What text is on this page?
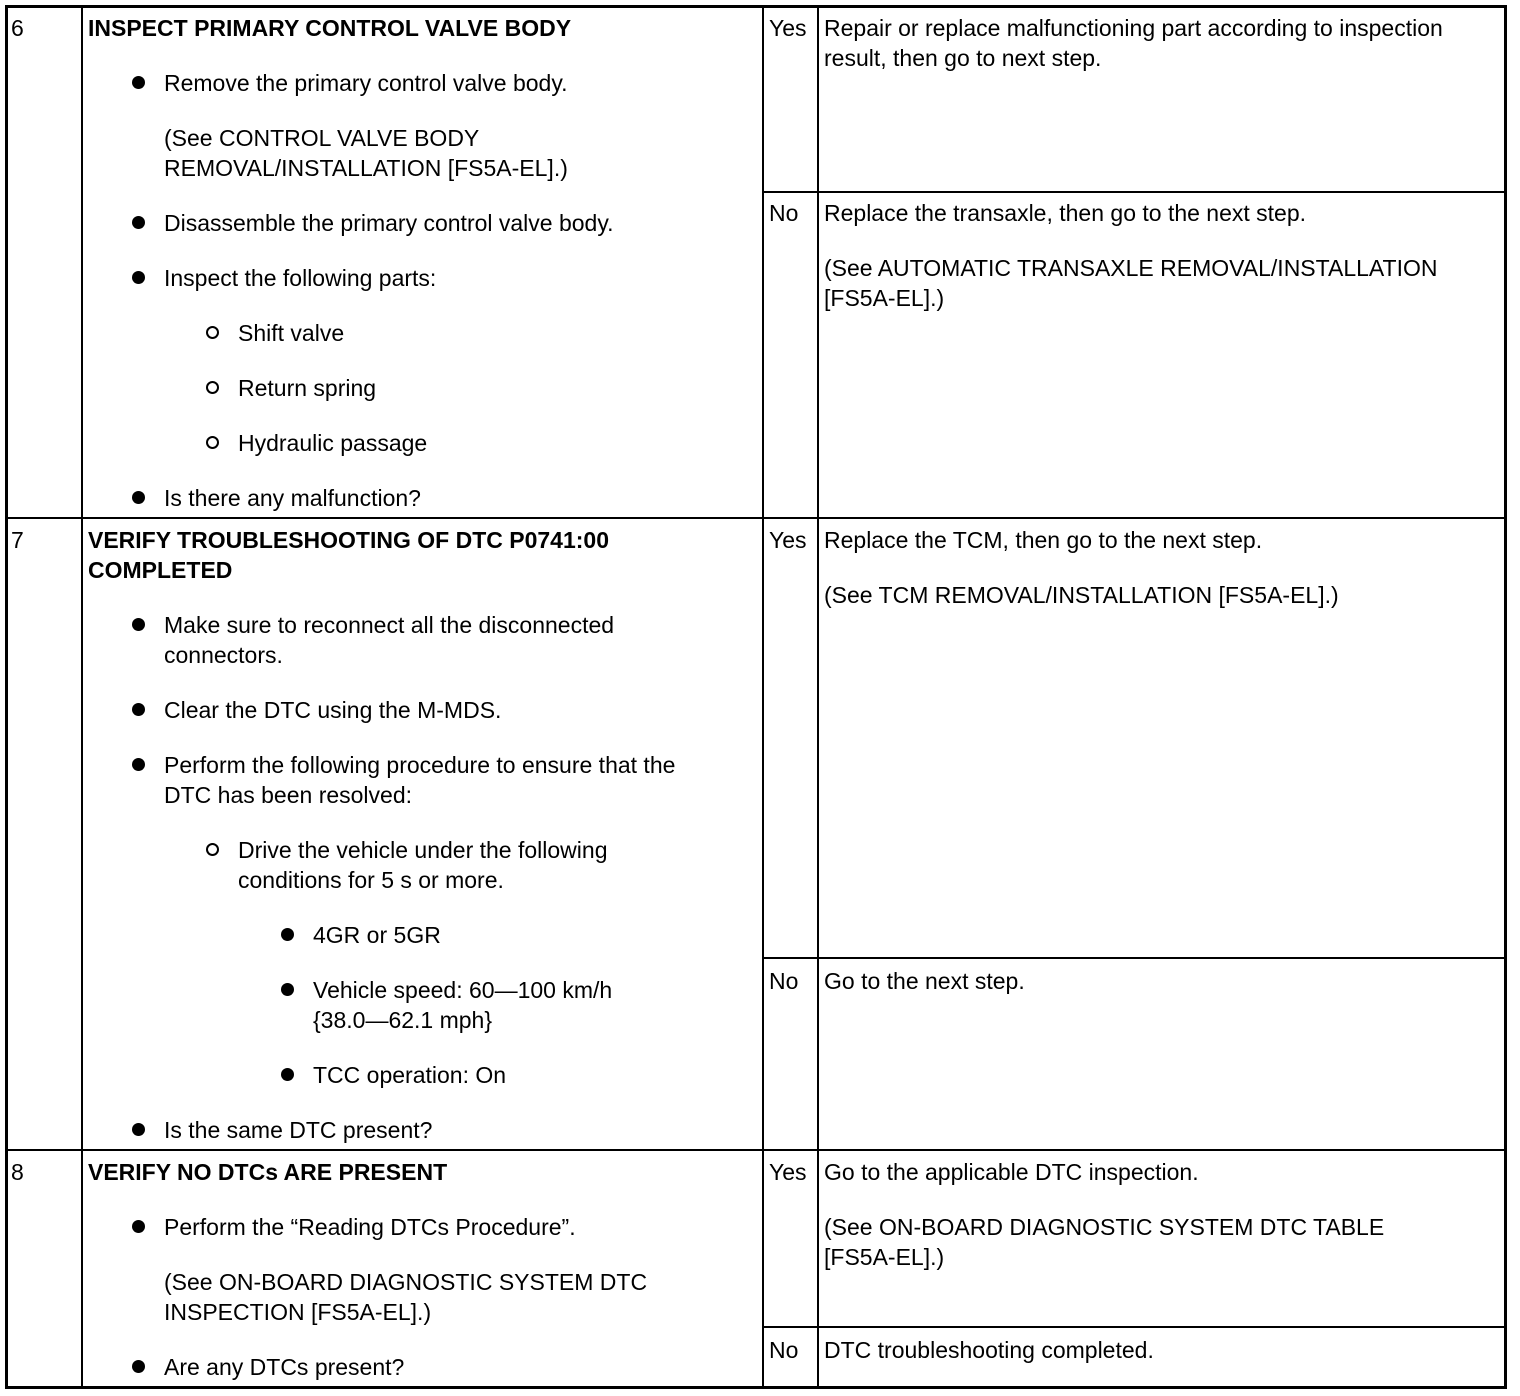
6	INSPECT PRIMARY CONTROL VALVE BODY
Remove the primary control valve body.
(See CONTROL VALVE BODY
REMOVAL/INSTALLATION [FS5A-EL].)
Disassemble the primary control valve body.
Inspect the following parts:
Shift valve
Return spring
Hydraulic passage
Is there any malfunction?
Yes Repair or replace malfunctioning part according to inspection
result, then go to next step.
No Replace the transaxle, then go to the next step.
(See AUTOMATIC TRANSAXLE REMOVAL/INSTALLATION
[FS5A-EL].)
7	VERIFY TROUBLESHOOTING OF DTC P0741:00
COMPLETED
Make sure to reconnect all the disconnected
connectors.
Clear the DTC using the M-MDS.
Perform the following procedure to ensure that the
DTC has been resolved:
Drive the vehicle under the following
conditions for 5 s or more.
4GR or 5GR
Vehicle speed: 60—100 km/h
{38.0—62.1 mph}
TCC operation: On
Is the same DTC present?
Yes Replace the TCM, then go to the next step.
(See TCM REMOVAL/INSTALLATION [FS5A-EL].)
No Go to the next step.
8	VERIFY NO DTCs ARE PRESENT
Perform the “Reading DTCs Procedure”.
(See ON-BOARD DIAGNOSTIC SYSTEM DTC
INSPECTION [FS5A-EL].)
Are any DTCs present?
Yes Go to the applicable DTC inspection.
(See ON-BOARD DIAGNOSTIC SYSTEM DTC TABLE
[FS5A-EL].)
No DTC troubleshooting completed.
